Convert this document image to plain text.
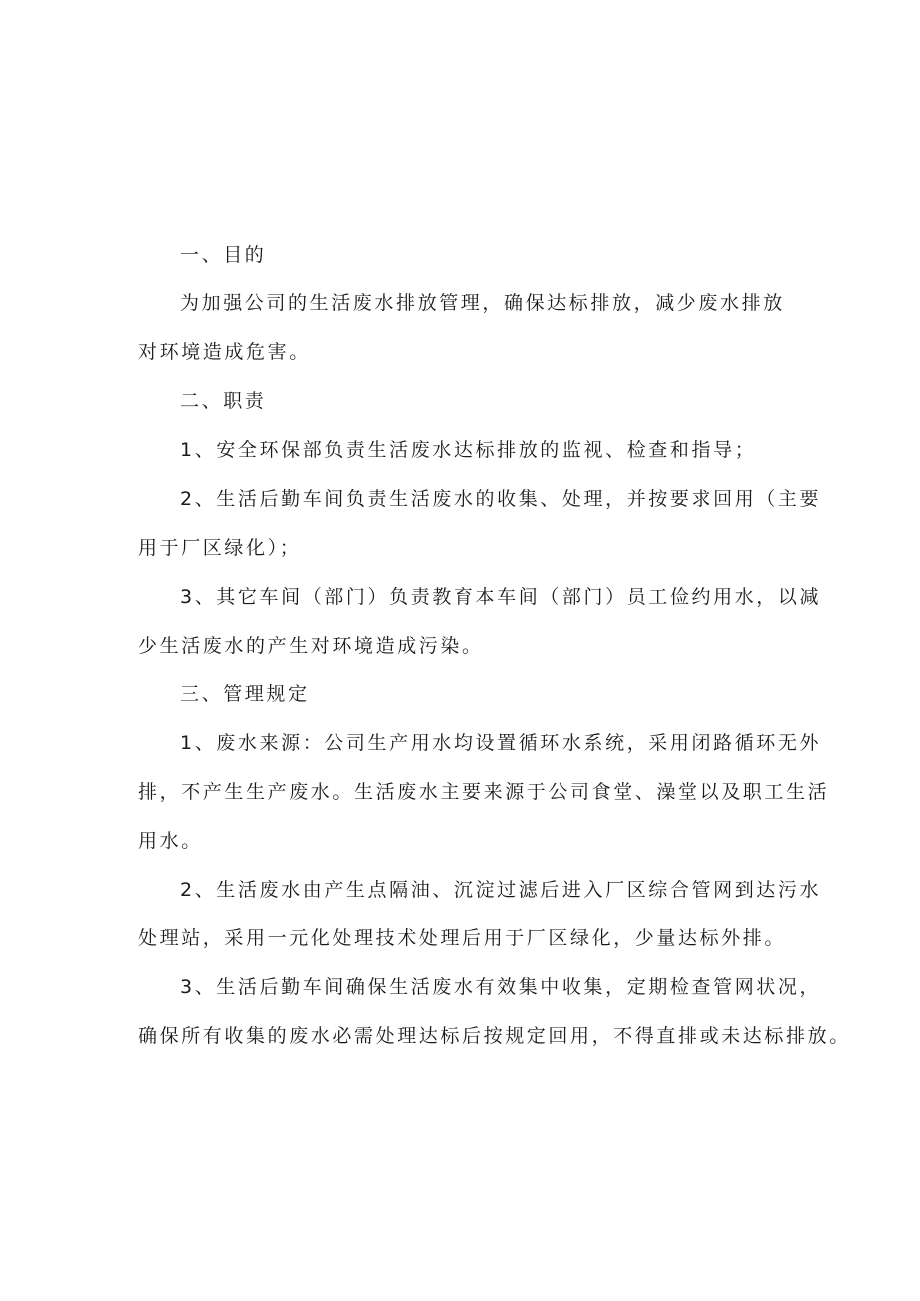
一、目的
为加强公司的生活废水排放管理，确保达标排放，减少废水排放
对环境造成危害。
二、职责
1、安全环保部负责生活废水达标排放的监视、检查和指导；
2、生活后勤车间负责生活废水的收集、处理，并按要求回用（主要
用于厂区绿化）；
3、其它车间（部门）负责教育本车间（部门）员工俭约用水，以减
少生活废水的产生对环境造成污染。
三、管理规定
1、废水来源：公司生产用水均设置循环水系统，采用闭路循环无外
排，不产生生产废水。生活废水主要来源于公司食堂、澡堂以及职工生活
用水。
2、生活废水由产生点隔油、沉淀过滤后进入厂区综合管网到达污水
处理站，采用一元化处理技术处理后用于厂区绿化，少量达标外排。
3、生活后勤车间确保生活废水有效集中收集，定期检查管网状况，
确保所有收集的废水必需处理达标后按规定回用，不得直排或未达标排放。
